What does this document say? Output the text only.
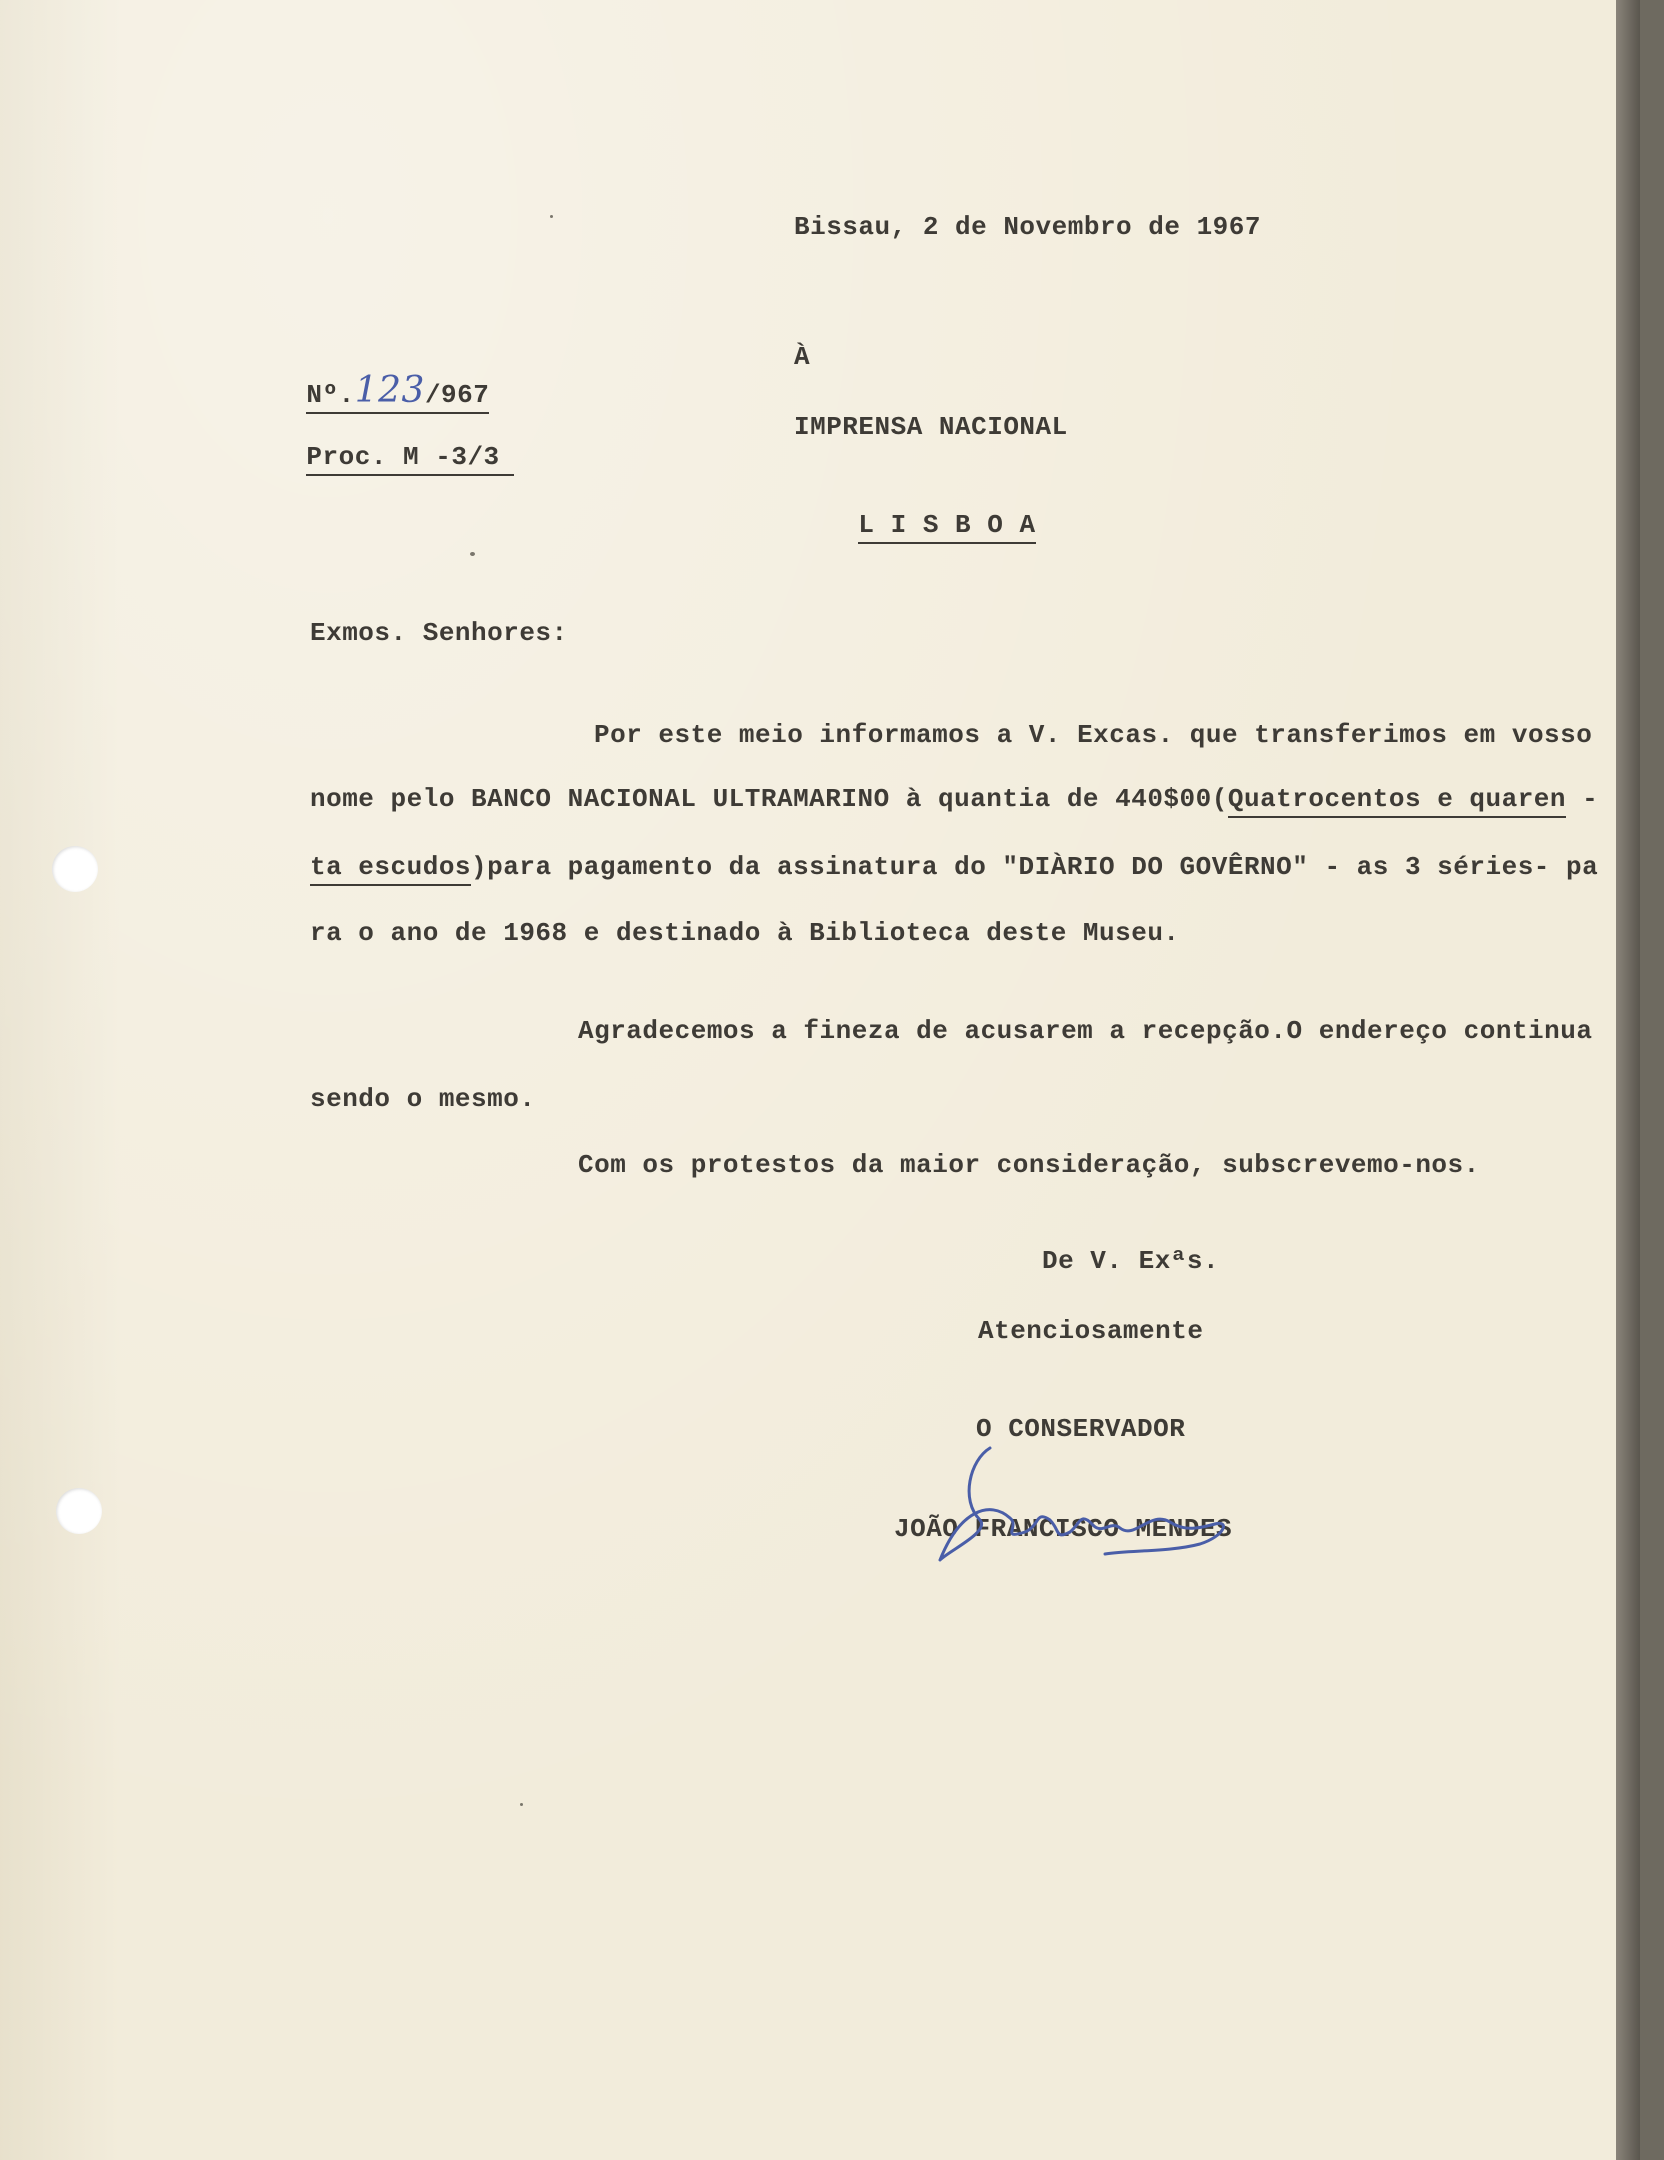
Bissau, 2 de Novembro de 1967

Nº.123/967

Proc. M -3/3

À
IMPRENSA NACIONAL

L I S B O A

Exmos. Senhores:
Por este meio informamos a V. Excas. que transferimos em vosso
nome pelo BANCO NACIONAL ULTRAMARINO à quantia de 440$00(Quatrocentos e quaren -
ta escudos)para pagamento da assinatura do "DIÀRIO DO GOVÊRNO" - as 3 séries- pa
ra o ano de 1968 e destinado à Biblioteca deste Museu.
Agradecemos a fineza de acusarem a recepção.O endereço continua
sendo o mesmo.
Com os protestos da maior consideração, subscrevemo-nos.
De V. Exªs.
Atenciosamente
O CONSERVADOR
JOÃO FRANCISCO MENDES
